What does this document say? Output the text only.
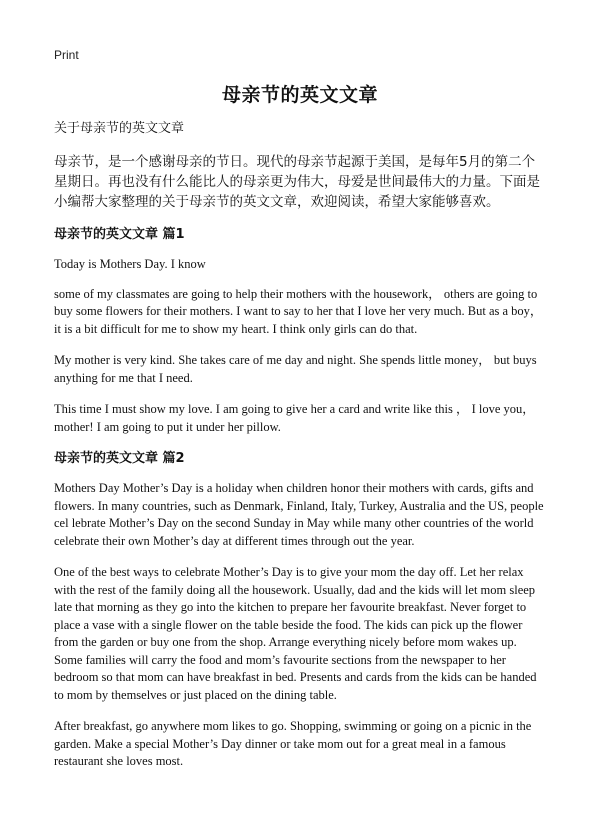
Print
母亲节的英文文章

关于母亲节的英文文章

母亲节，是一个感谢母亲的节日。现代的母亲节起源于美国，是每年5月的第二个星期日。再也没有什么能比人的母亲更为伟大，母爱是世间最伟大的力量。下面是小编帮大家整理的关于母亲节的英文文章，欢迎阅读，希望大家能够喜欢。

母亲节的英文文章 篇1

Today is Mothers Day. I know

some of my classmates are going to help their mothers with the housework， others are going to buy some flowers for their mothers. I want to say to her that I love her very much. But as a boy， it is a bit difficult for me to show my heart. I think only girls can do that.

My mother is very kind. She takes care of me day and night. She spends little money， but buys anything for me that I need.

This time I must show my love. I am going to give her a card and write like this ， I love you， mother! I am going to put it under her pillow.

母亲节的英文文章 篇2

Mothers Day Mother’s Day is a holiday when children honor their mothers with cards, gifts and flowers. In many countries, such as Denmark, Finland, Italy, Turkey, Australia and the US, people cel lebrate Mother’s Day on the second Sunday in May while many other countries of the world celebrate their own Mother’s day at different times through out the year.

One of the best ways to celebrate Mother’s Day is to give your mom the day off. Let her relax with the rest of the family doing all the housework. Usually, dad and the kids will let mom sleep late that morning as they go into the kitchen to prepare her favourite breakfast. Never forget to place a vase with a single flower on the table beside the food. The kids can pick up the flower from the garden or buy one from the shop. Arrange everything nicely before mom wakes up. Some families will carry the food and mom’s favourite sections from the newspaper to her bedroom so that mom can have breakfast in bed. Presents and cards from the kids can be handed to mom by themselves or just placed on the dining table.

After breakfast, go anywhere mom likes to go. Shopping, swimming or going on a picnic in the garden. Make a special Mother’s Day dinner or take mom out for a great meal in a famous restaurant she loves most.
